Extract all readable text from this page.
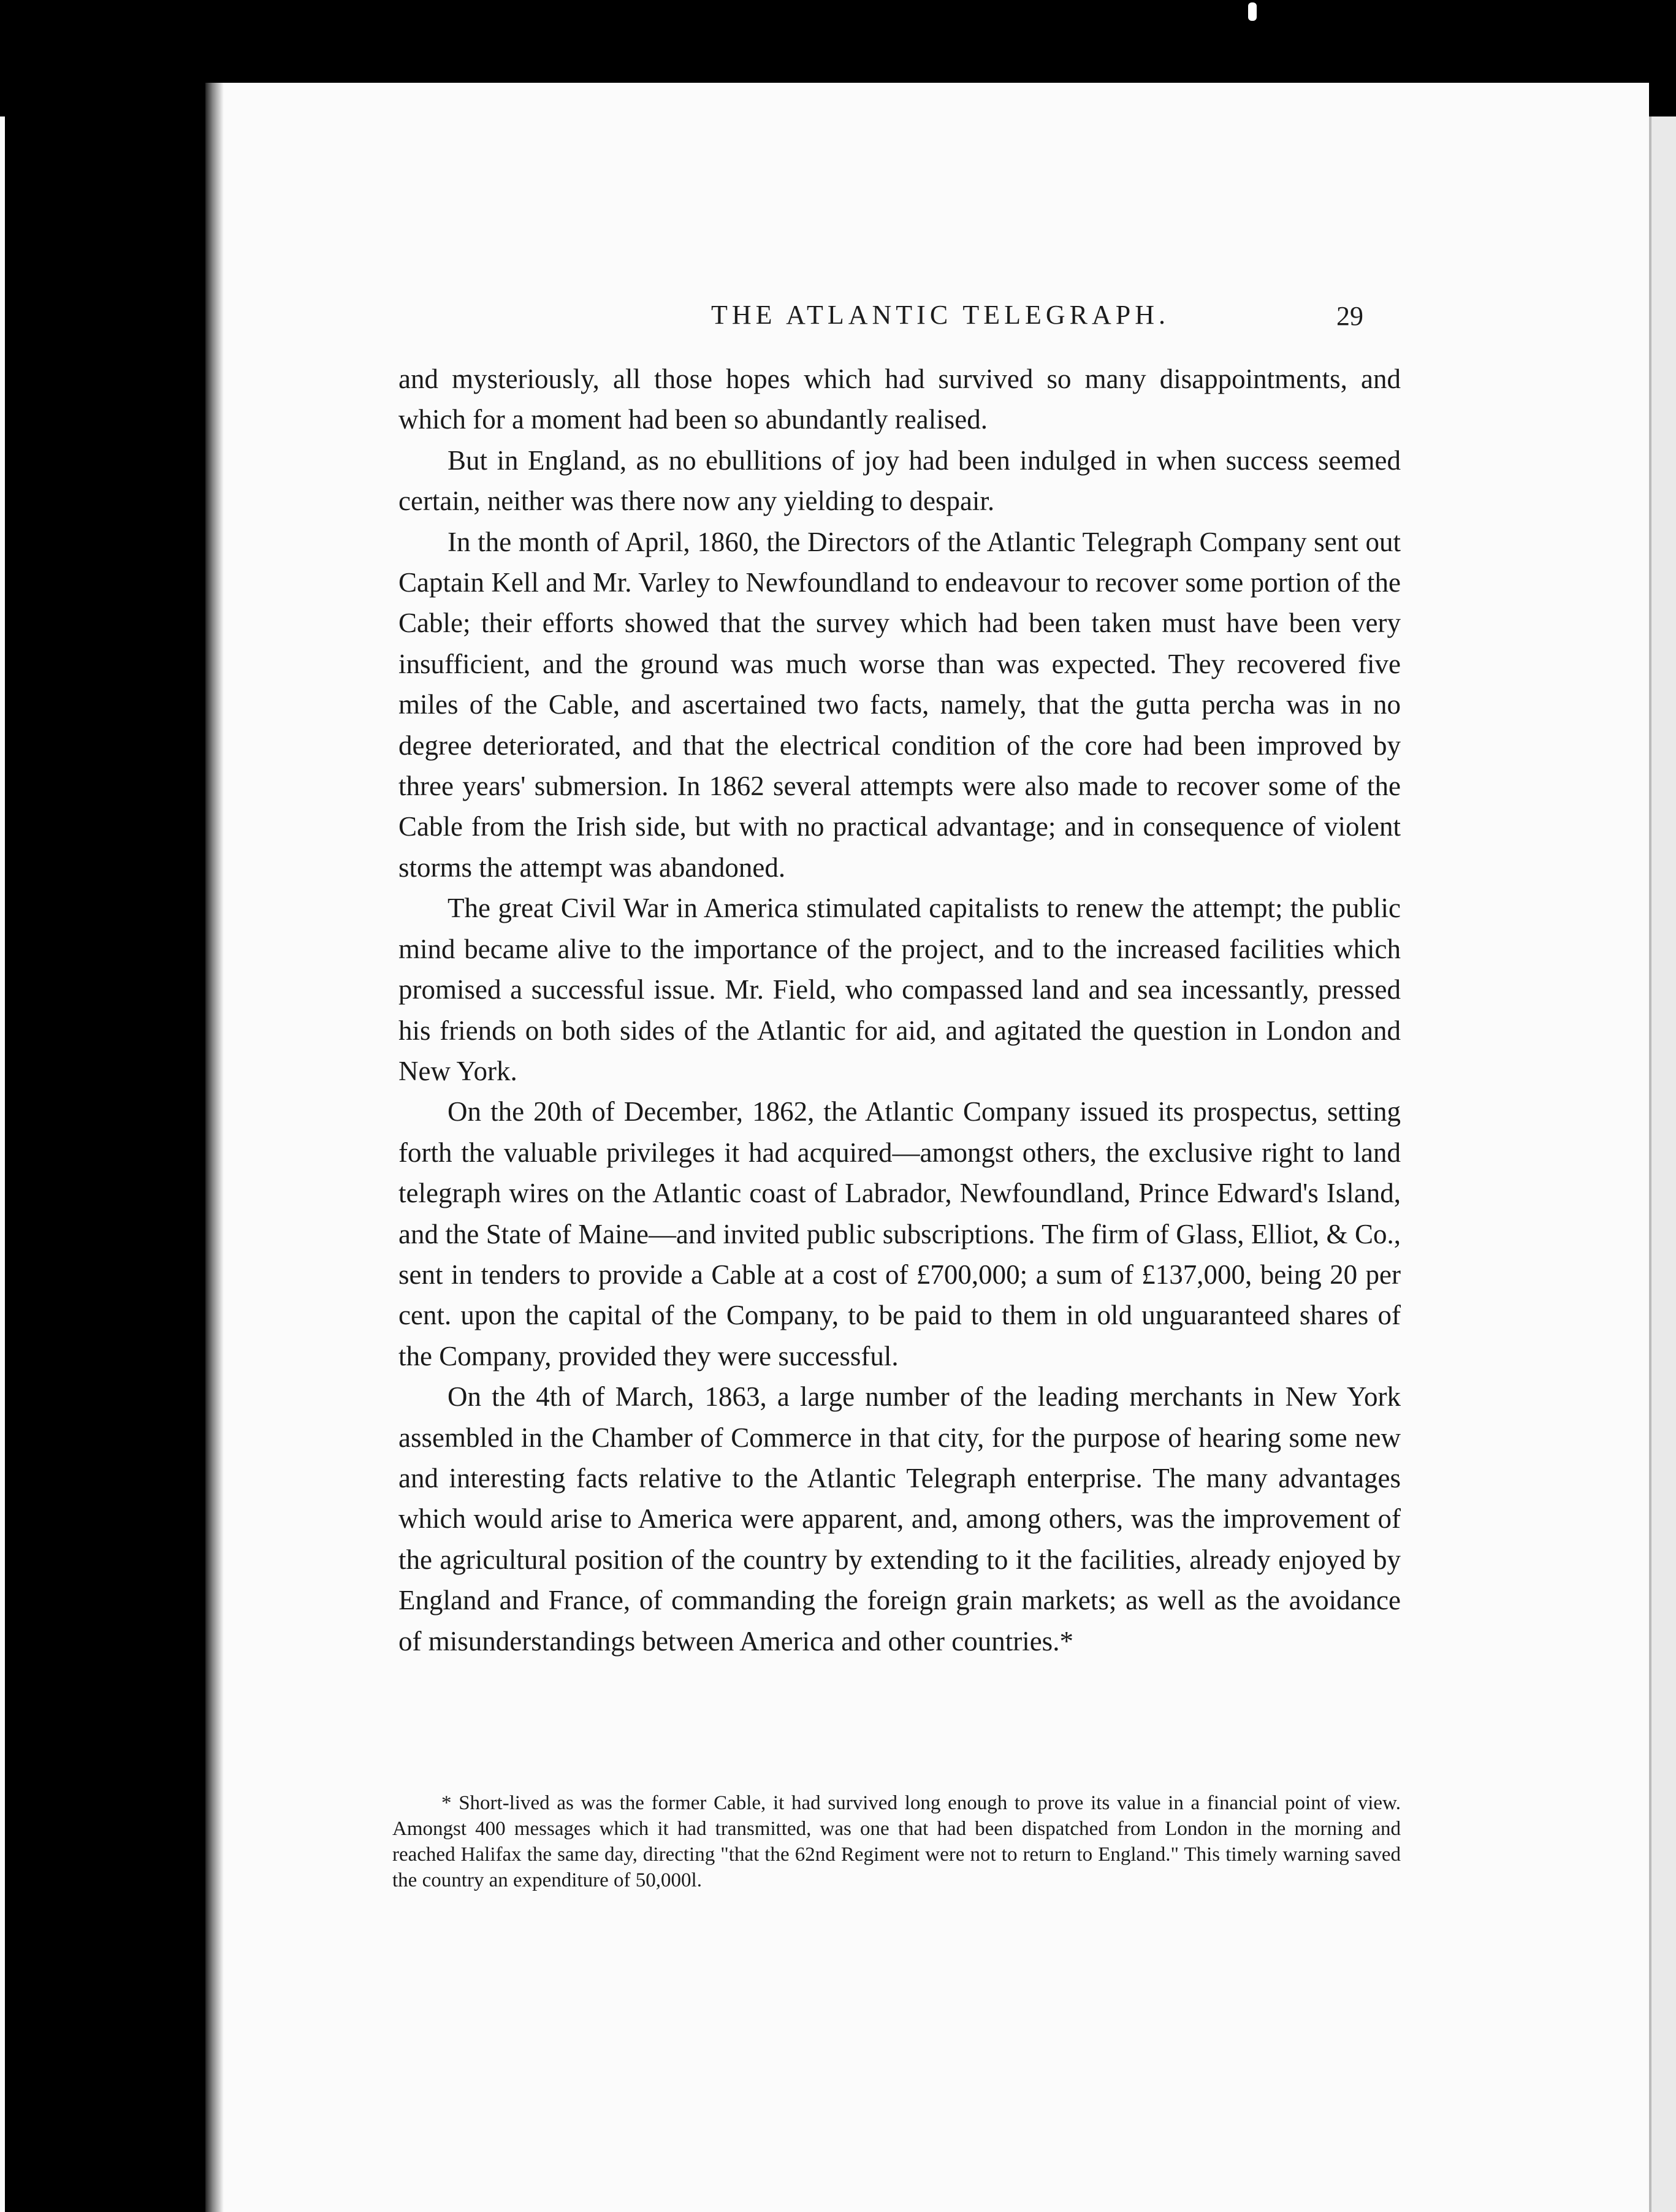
THE ATLANTIC TELEGRAPH.	29

and mysteriously, all those hopes which had survived so many disappointments, and which for a moment had been so abundantly realised.

But in England, as no ebullitions of joy had been indulged in when success seemed certain, neither was there now any yielding to despair.

In the month of April, 1860, the Directors of the Atlantic Telegraph Company sent out Captain Kell and Mr. Varley to Newfoundland to endeavour to recover some portion of the Cable; their efforts showed that the survey which had been taken must have been very insufficient, and the ground was much worse than was expected. They recovered five miles of the Cable, and ascertained two facts, namely, that the gutta percha was in no degree deteriorated, and that the electrical condition of the core had been improved by three years' submersion. In 1862 several attempts were also made to recover some of the Cable from the Irish side, but with no practical advantage; and in consequence of violent storms the attempt was abandoned.

The great Civil War in America stimulated capitalists to renew the attempt; the public mind became alive to the importance of the project, and to the increased facilities which promised a successful issue. Mr. Field, who compassed land and sea incessantly, pressed his friends on both sides of the Atlantic for aid, and agitated the question in London and New York.

On the 20th of December, 1862, the Atlantic Company issued its prospectus, setting forth the valuable privileges it had acquired—amongst others, the exclusive right to land telegraph wires on the Atlantic coast of Labrador, Newfoundland, Prince Edward's Island, and the State of Maine—and invited public subscriptions. The firm of Glass, Elliot, & Co., sent in tenders to provide a Cable at a cost of £700,000; a sum of £137,000, being 20 per cent. upon the capital of the Company, to be paid to them in old unguaranteed shares of the Company, provided they were successful.

On the 4th of March, 1863, a large number of the leading merchants in New York assembled in the Chamber of Commerce in that city, for the purpose of hearing some new and interesting facts relative to the Atlantic Telegraph enterprise. The many advantages which would arise to America were apparent, and, among others, was the improvement of the agricultural position of the country by extending to it the facilities, already enjoyed by England and France, of commanding the foreign grain markets; as well as the avoidance of misunderstandings between America and other countries.*

* Short-lived as was the former Cable, it had survived long enough to prove its value in a financial point of view. Amongst 400 messages which it had transmitted, was one that had been dispatched from London in the morning and reached Halifax the same day, directing "that the 62nd Regiment were not to return to England." This timely warning saved the country an expenditure of 50,000l.
